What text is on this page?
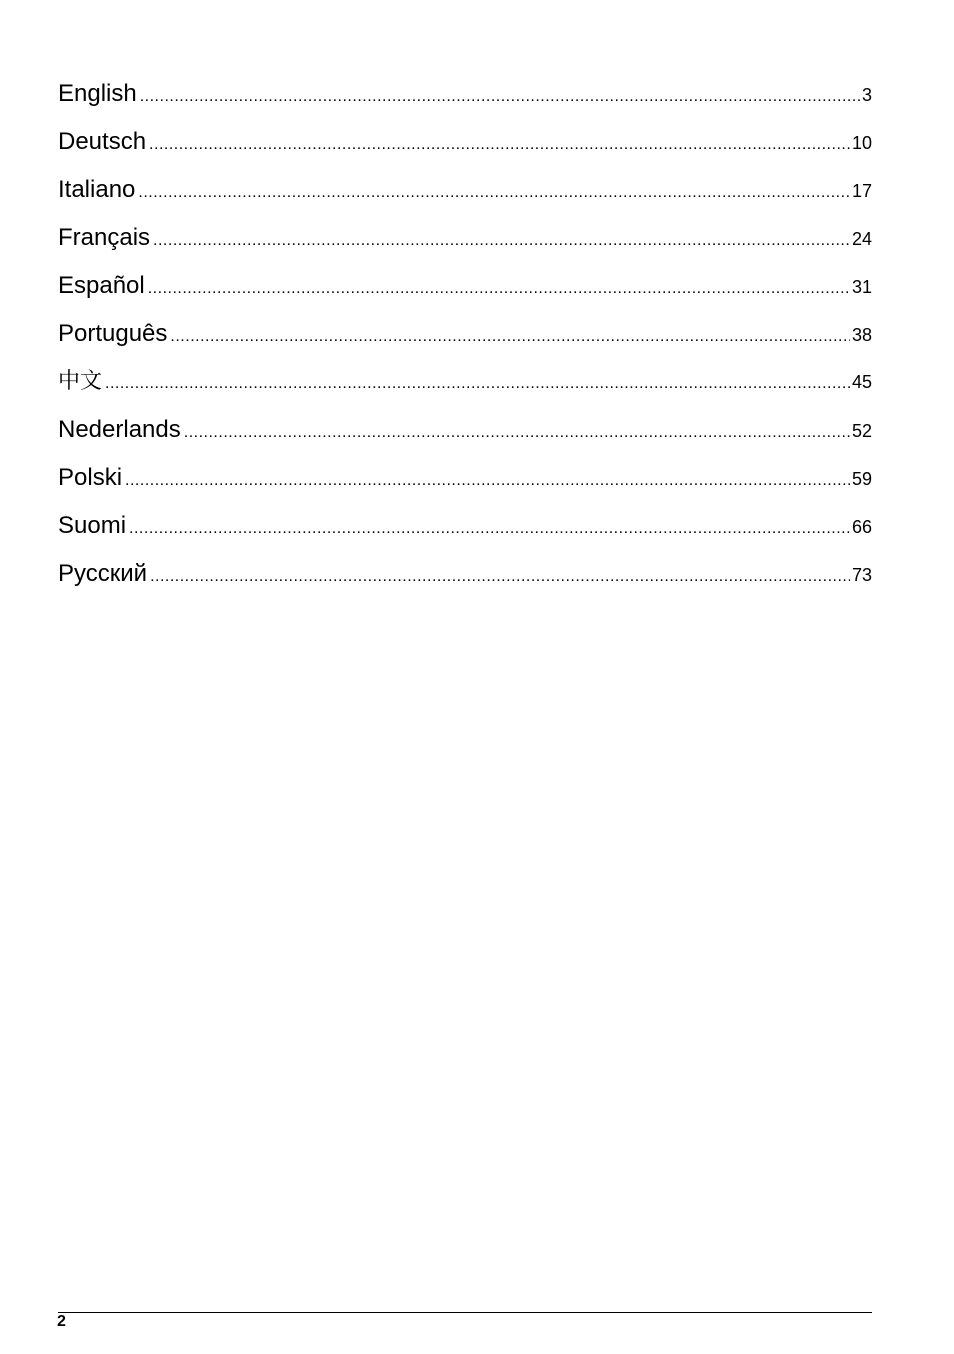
English .....	3
Deutsch .....	10
Italiano .....	17
Français .....	24
Español .....	31
Português .....	38
中文 .....	45
Nederlands .....	52
Polski .....	59
Suomi .....	66
Русский .....	73
2
